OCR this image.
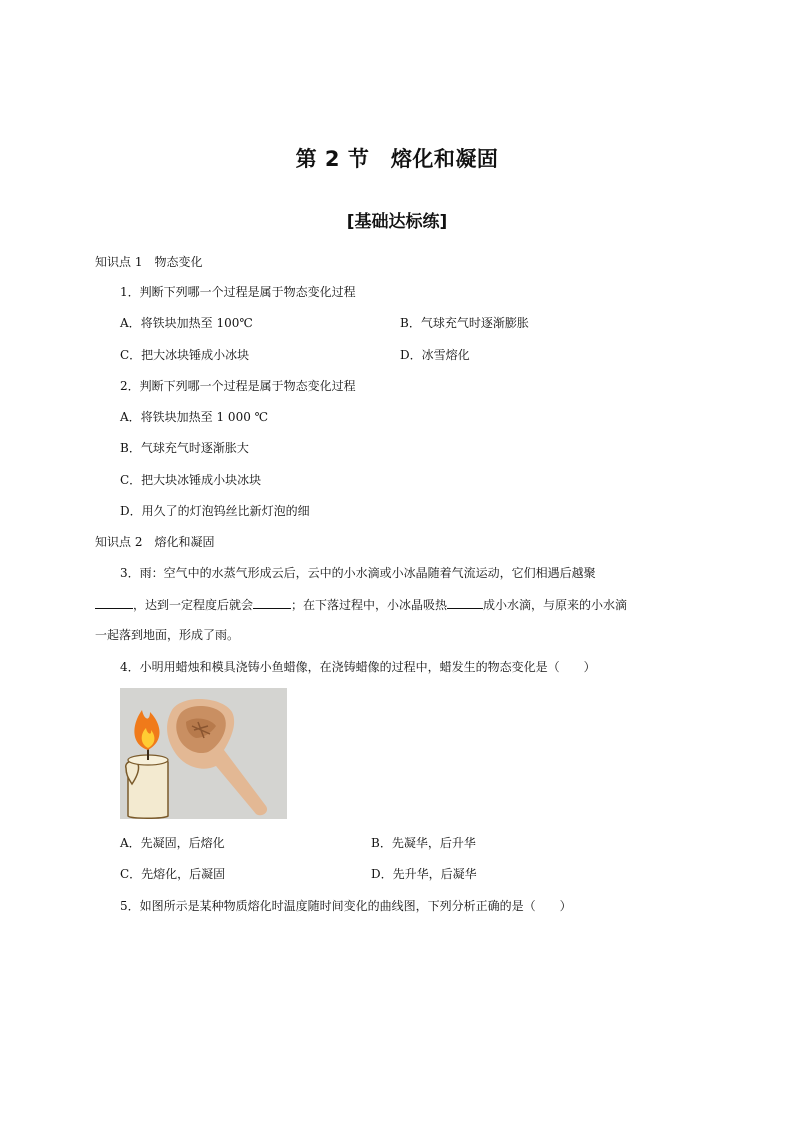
第 2 节　熔化和凝固
[基础达标练]
知识点 1　物态变化
1．判断下列哪一个过程是属于物态变化过程
A．将铁块加热至 100℃	B．气球充气时逐渐膨胀
C．把大冰块锤成小冰块	D．冰雪熔化
2．判断下列哪一个过程是属于物态变化过程
A．将铁块加热至 1 000 ℃
B．气球充气时逐渐胀大
C．把大块冰锤成小块冰块
D．用久了的灯泡钨丝比新灯泡的细
知识点 2　熔化和凝固
3．雨：空气中的水蒸气形成云后，云中的小水滴或小冰晶随着气流运动，它们相遇后越聚
，达到一定程度后就会	；在下落过程中，小冰晶吸热	成小水滴，与原来的小水滴
一起落到地面，形成了雨。
4．小明用蜡烛和模具浇铸小鱼蜡像，在浇铸蜡像的过程中，蜡发生的物态变化是（　　）
A．先凝固，后熔化	B．先凝华，后升华
C．先熔化，后凝固	D．先升华，后凝华
5．如图所示是某种物质熔化时温度随时间变化的曲线图，下列分析正确的是（　　）
